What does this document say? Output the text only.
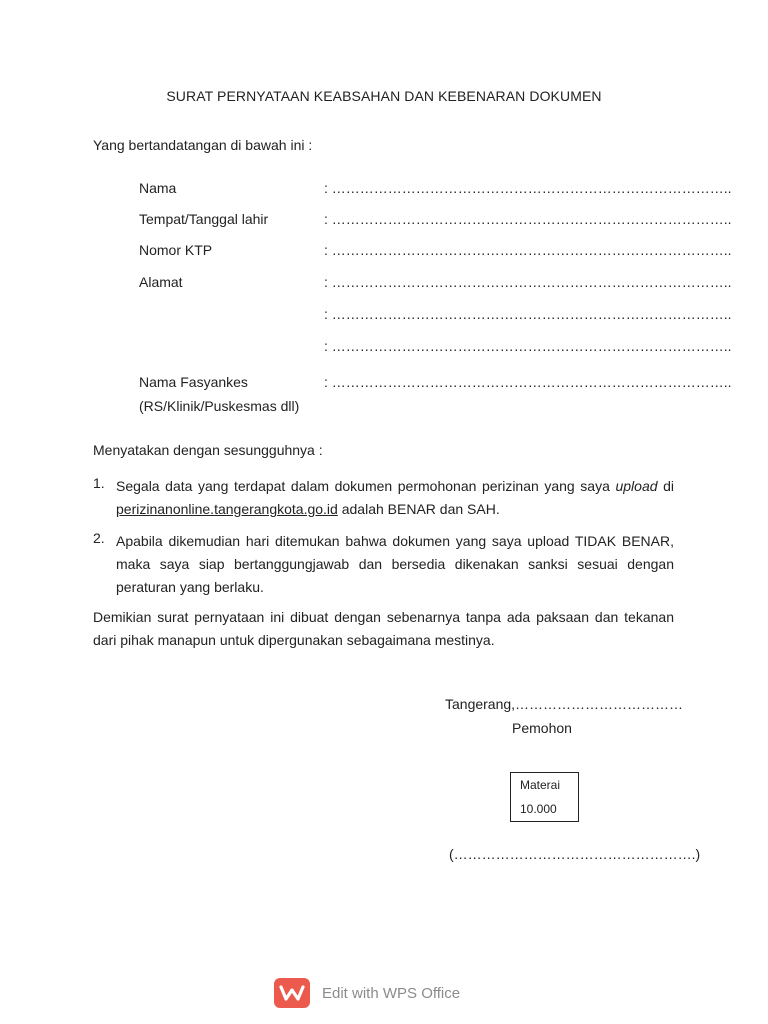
SURAT PERNYATAAN KEABSAHAN DAN KEBENARAN DOKUMEN
Yang bertandatangan di bawah ini :
Nama	: …………………………………………………………………………..
Tempat/Tanggal lahir	: …………………………………………………………………………..
Nomor KTP	: …………………………………………………………………………..
Alamat	: …………………………………………………………………………..
: …………………………………………………………………………..
: …………………………………………………………………………..
Nama Fasyankes	: …………………………………………………………………………..
(RS/Klinik/Puskesmas dll)
Menyatakan dengan sesungguhnya :
1. Segala data yang terdapat dalam dokumen permohonan perizinan yang saya upload di perizinanonline.tangerangkota.go.id adalah BENAR dan SAH.
2. Apabila dikemudian hari ditemukan bahwa dokumen yang saya upload TIDAK BENAR, maka saya siap bertanggungjawab dan bersedia dikenakan sanksi sesuai dengan peraturan yang berlaku.
Demikian surat pernyataan ini dibuat dengan sebenarnya tanpa ada paksaan dan tekanan dari pihak manapun untuk dipergunakan sebagaimana mestinya.
Tangerang,………………………………
Pemohon
Materai
10.000
(…………………………………………….)
Edit with WPS Office
